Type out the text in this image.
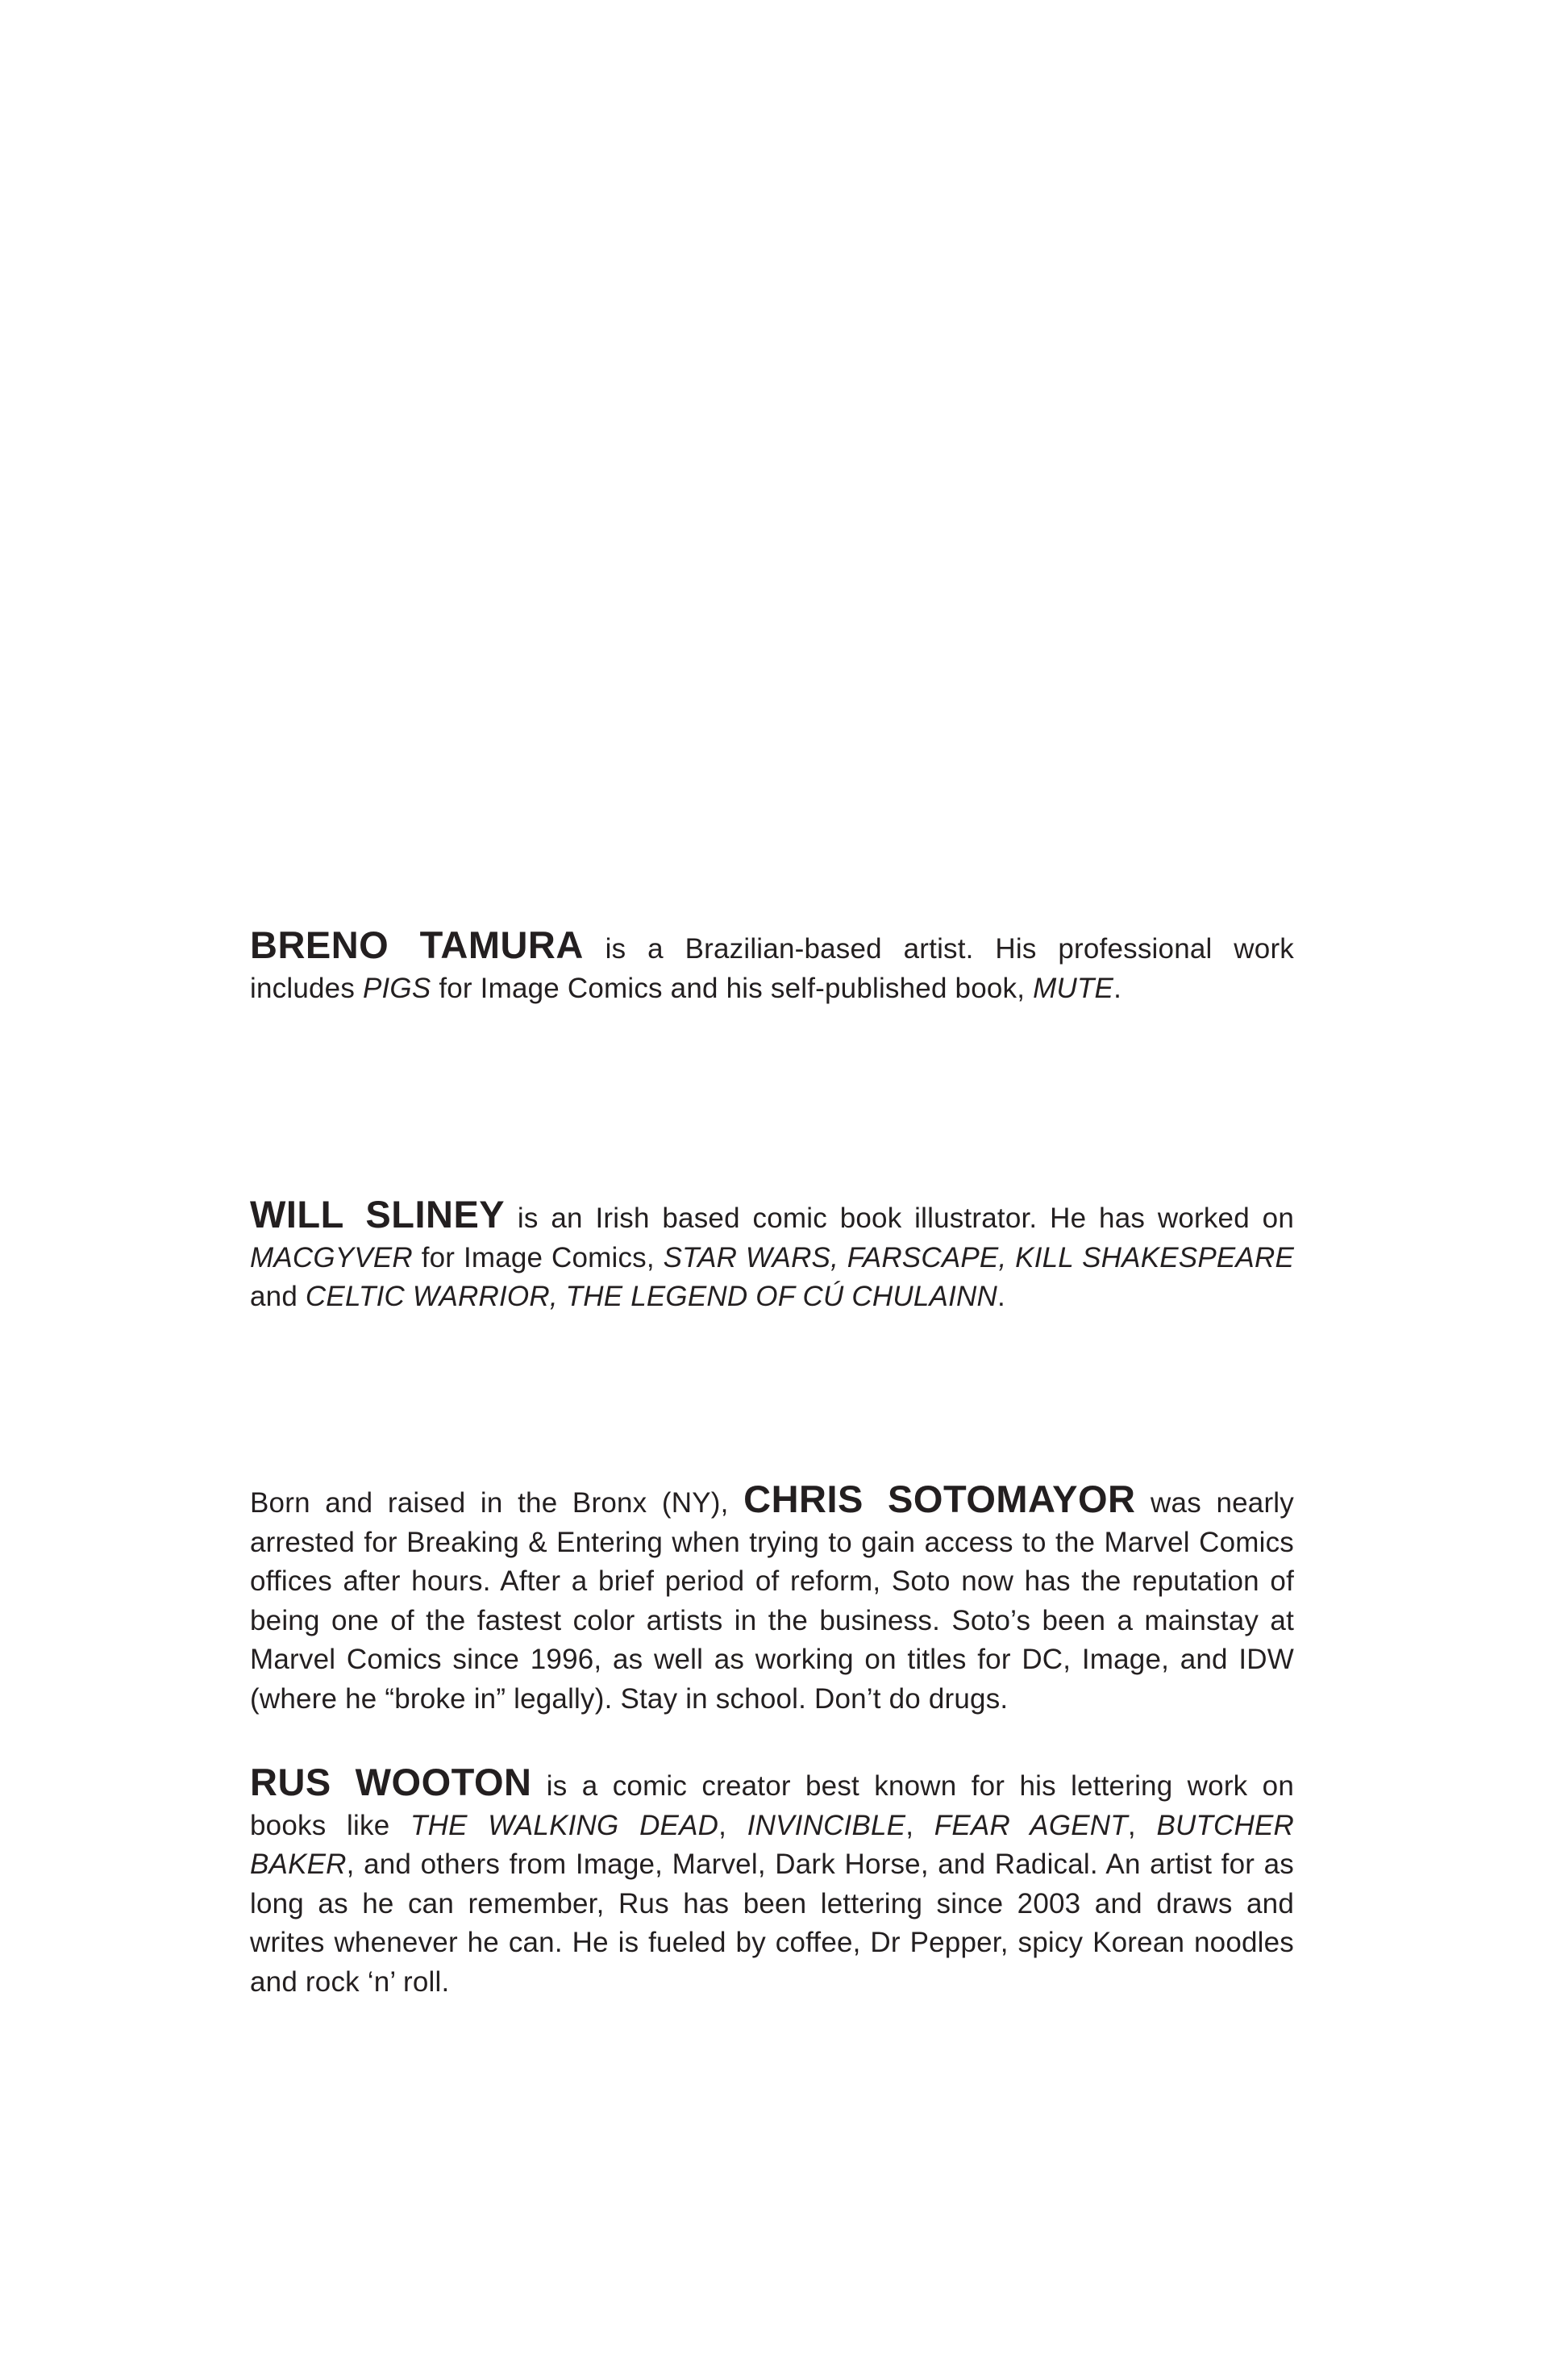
BRENO TAMURA is a Brazilian-based artist. His professional work includes PIGS for Image Comics and his self-published book, MUTE.

WILL SLINEY is an Irish based comic book illustrator. He has worked on MACGYVER for Image Comics, STAR WARS, FARSCAPE, KILL SHAKESPEARE and CELTIC WARRIOR, THE LEGEND OF CÚ CHULAINN.

Born and raised in the Bronx (NY), CHRIS SOTOMAYOR was nearly arrested for Breaking & Entering when trying to gain access to the Marvel Comics offices after hours. After a brief period of reform, Soto now has the reputation of being one of the fastest color artists in the business. Soto’s been a mainstay at Marvel Comics since 1996, as well as working on titles for DC, Image, and IDW (where he “broke in” legally). Stay in school. Don’t do drugs.

RUS WOOTON is a comic creator best known for his lettering work on books like THE WALKING DEAD, INVINCIBLE, FEAR AGENT, BUTCHER BAKER, and others from Image, Marvel, Dark Horse, and Radical. An artist for as long as he can remember, Rus has been lettering since 2003 and draws and writes whenever he can. He is fueled by coffee, Dr Pepper, spicy Korean noodles and rock ‘n’ roll.
